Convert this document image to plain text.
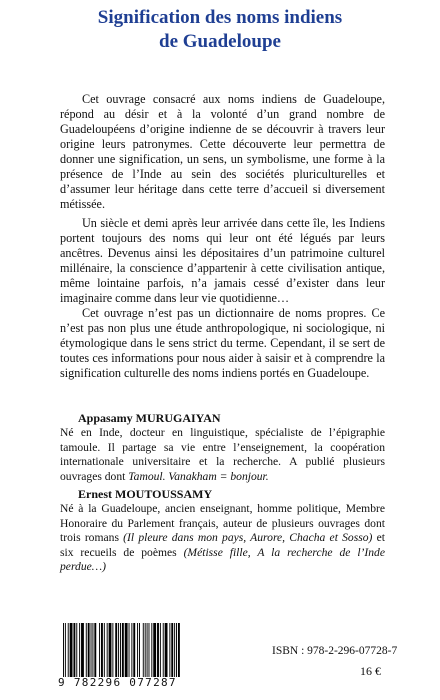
Signification des noms indiens
de Guadeloupe

Cet ouvrage consacré aux noms indiens de Guadeloupe, répond au désir et à la volonté d’un grand nombre de Guadeloupéens d’origine indienne de se découvrir à travers leur origine leurs patronymes. Cette découverte leur permettra de donner une signification, un sens, un symbolisme, une forme à la présence de l’Inde au sein des sociétés pluriculturelles et d’assumer leur héritage dans cette terre d’accueil si diversement métissée.

Un siècle et demi après leur arrivée dans cette île, les Indiens portent toujours des noms qui leur ont été légués par leurs ancêtres. Devenus ainsi les dépositaires d’un patrimoine culturel millénaire, la conscience d’appartenir à cette civilisation antique, même lointaine parfois, n’a jamais cessé d’exister dans leur imaginaire comme dans leur vie quotidienne…

Cet ouvrage n’est pas un dictionnaire de noms propres. Ce n’est pas non plus une étude anthropologique, ni sociologique, ni étymologique dans le sens strict du terme. Cependant, il se sert de toutes ces informations pour nous aider à saisir et à comprendre la signification culturelle des noms indiens portés en Guadeloupe.

Appasamy MURUGAIYAN

Né en Inde, docteur en linguistique, spécialiste de l’épigraphie tamoule. Il partage sa vie entre l’enseignement, la coopération internationale universitaire et la recherche. A publié plusieurs ouvrages dont Tamoul. Vanakham = bonjour.

Ernest MOUTOUSSAMY

Né à la Guadeloupe, ancien enseignant, homme politique, Membre Honoraire du Parlement français, auteur de plusieurs ouvrages dont trois romans (Il pleure dans mon pays, Aurore, Chacha et Sosso) et six recueils de poèmes (Métisse fille, A la recherche de l’Inde perdue…)

9 782296 077287
ISBN : 978-2-296-07728-7
16 €
